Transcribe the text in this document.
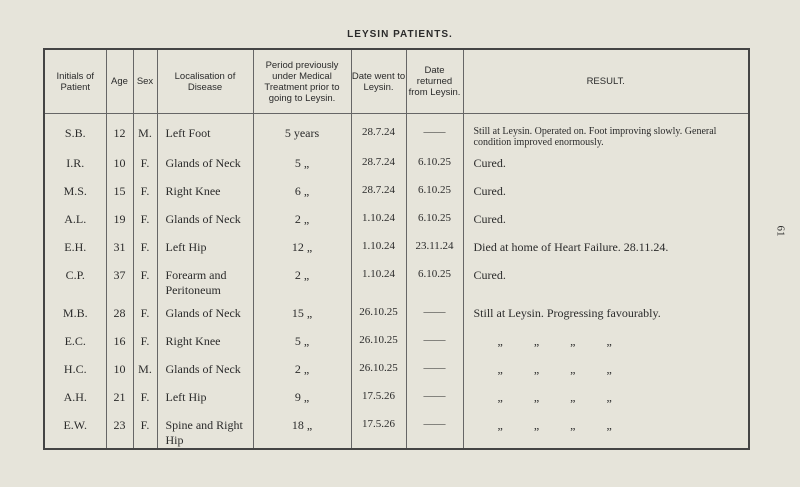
LEYSIN PATIENTS.
61
Initials of Patient	Age	Sex	Localisation of Disease	Period previously under Medical Treatment prior to going to Leysin.	Date went to Leysin.	Date returned from Leysin.	RESULT.
S.B.	12	M.	Left Foot	5 years	28.7.24	——	Still at Leysin. Operated on. Foot improving slowly. General condition improved enormously.
I.R.	10	F.	Glands of Neck	5 „	28.7.24	6.10.25	Cured.
M.S.	15	F.	Right Knee	6 „	28.7.24	6.10.25	Cured.
A.L.	19	F.	Glands of Neck	2 „	1.10.24	6.10.25	Cured.
E.H.	31	F.	Left Hip	12 „	1.10.24	23.11.24	Died at home of Heart Failure. 28.11.24.
C.P.	37	F.	Forearm and Peritoneum	2 „	1.10.24	6.10.25	Cured.
M.B.	28	F.	Glands of Neck	15 „	26.10.25	——	Still at Leysin. Progressing favourably.
E.C.	16	F.	Right Knee	5 „	26.10.25	——	„ „ „ „
H.C.	10	M.	Glands of Neck	2 „	26.10.25	——	„ „ „ „
A.H.	21	F.	Left Hip	9 „	17.5.26	——	„ „ „ „
E.W.	23	F.	Spine and Right Hip	18 „	17.5.26	——	„ „ „ „
